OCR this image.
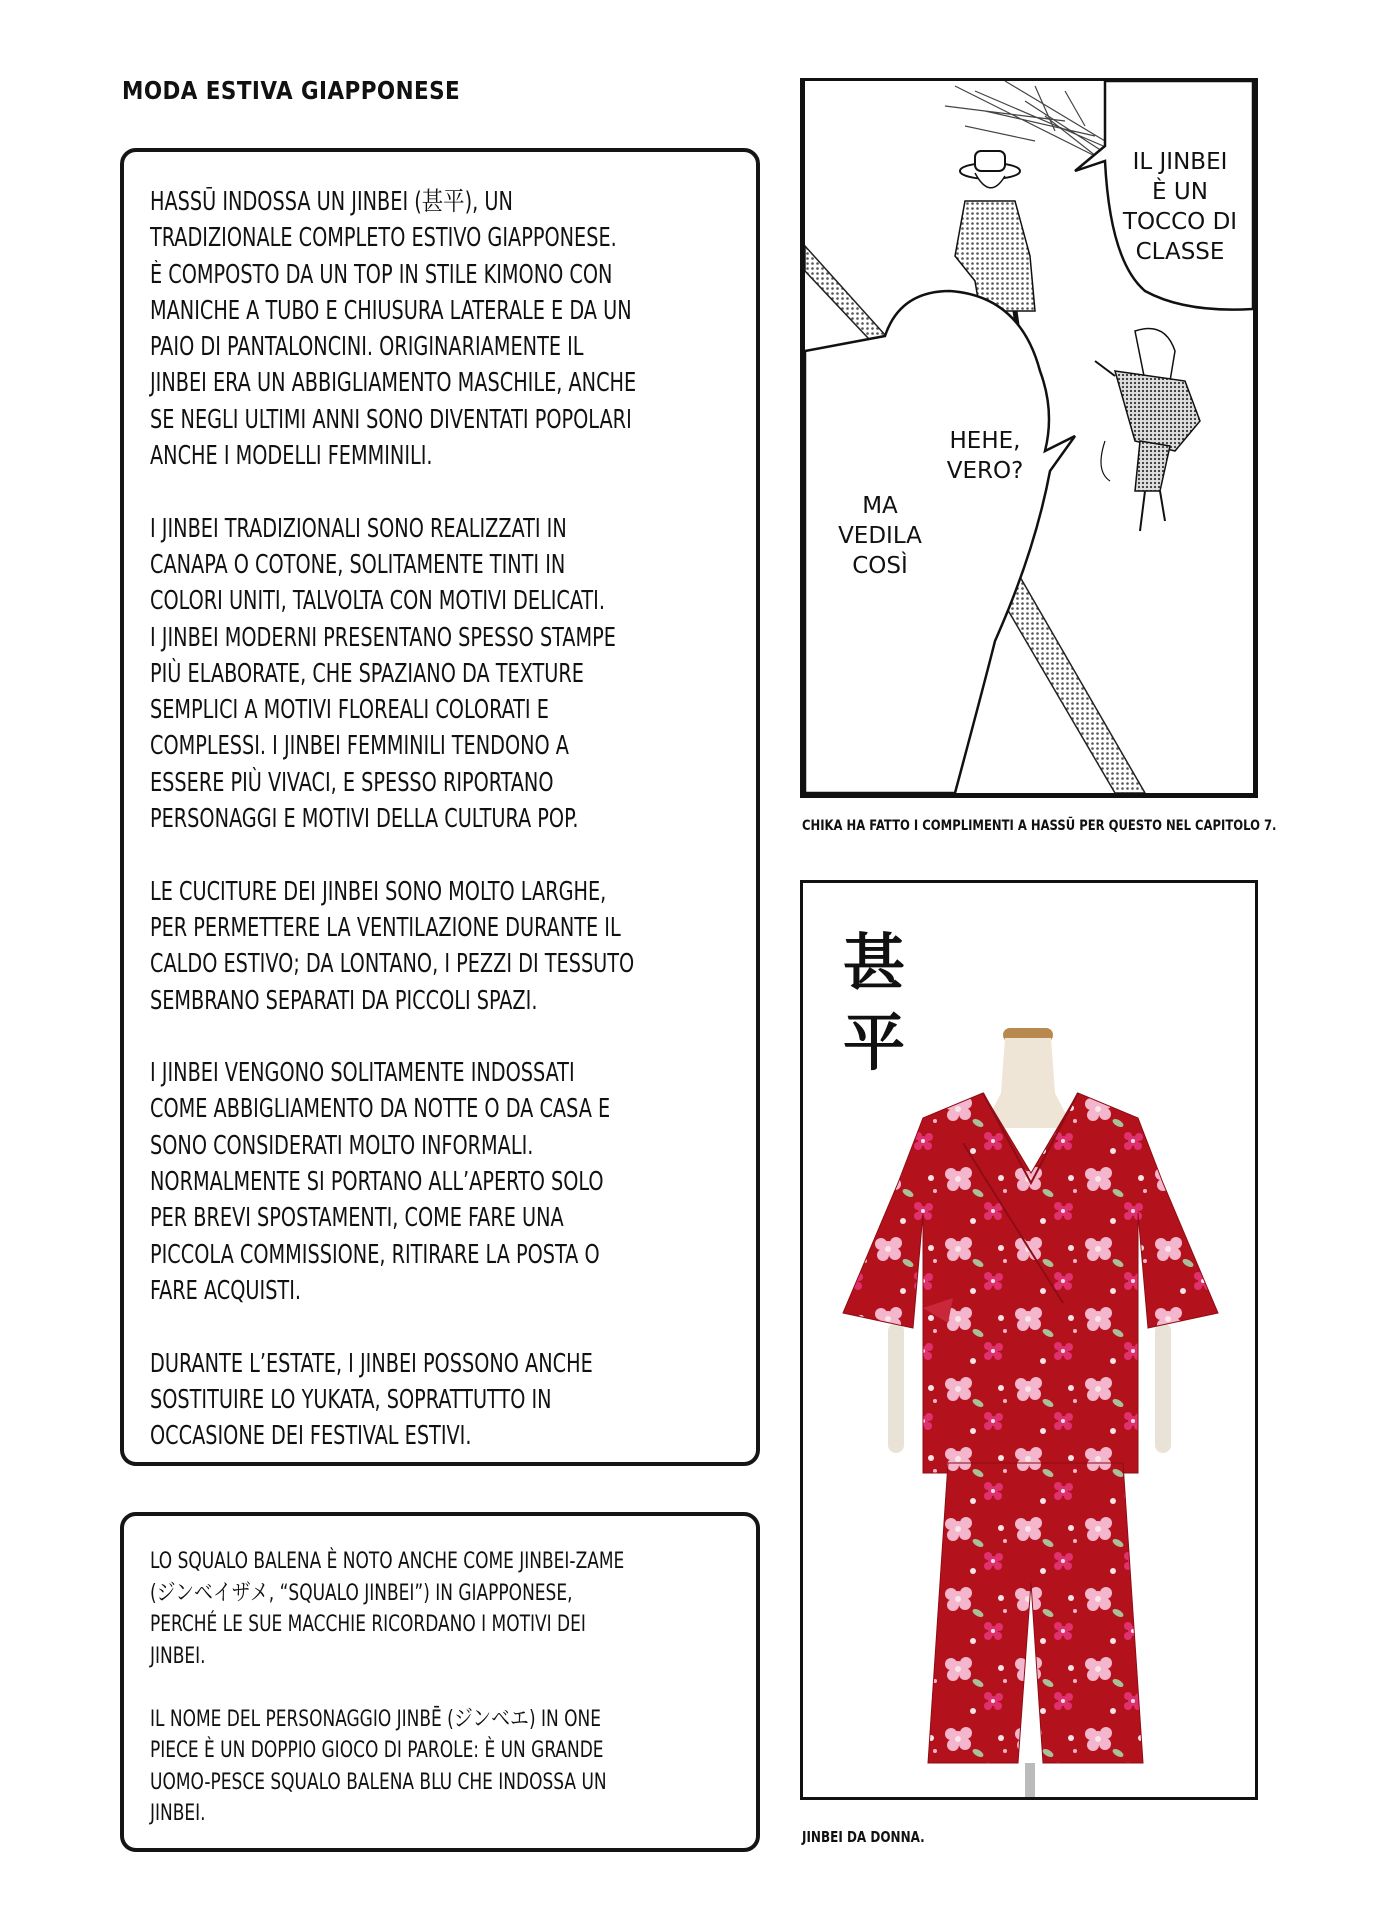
MODA ESTIVA GIAPPONESE
HASSŪ INDOSSA UN JINBEI (甚平), UN
TRADIZIONALE COMPLETO ESTIVO GIAPPONESE.
È COMPOSTO DA UN TOP IN STILE KIMONO CON
MANICHE A TUBO E CHIUSURA LATERALE E DA UN
PAIO DI PANTALONCINI. ORIGINARIAMENTE IL
JINBEI ERA UN ABBIGLIAMENTO MASCHILE, ANCHE
SE NEGLI ULTIMI ANNI SONO DIVENTATI POPOLARI
ANCHE I MODELLI FEMMINILI.
I JINBEI TRADIZIONALI SONO REALIZZATI IN
CANAPA O COTONE, SOLITAMENTE TINTI IN
COLORI UNITI, TALVOLTA CON MOTIVI DELICATI.
I JINBEI MODERNI PRESENTANO SPESSO STAMPE
PIÙ ELABORATE, CHE SPAZIANO DA TEXTURE
SEMPLICI A MOTIVI FLOREALI COLORATI E
COMPLESSI. I JINBEI FEMMINILI TENDONO A
ESSERE PIÙ VIVACI, E SPESSO RIPORTANO
PERSONAGGI E MOTIVI DELLA CULTURA POP.
LE CUCITURE DEI JINBEI SONO MOLTO LARGHE,
PER PERMETTERE LA VENTILAZIONE DURANTE IL
CALDO ESTIVO; DA LONTANO, I PEZZI DI TESSUTO
SEMBRANO SEPARATI DA PICCOLI SPAZI.
I JINBEI VENGONO SOLITAMENTE INDOSSATI
COME ABBIGLIAMENTO DA NOTTE O DA CASA E
SONO CONSIDERATI MOLTO INFORMALI.
NORMALMENTE SI PORTANO ALL’APERTO SOLO
PER BREVI SPOSTAMENTI, COME FARE UNA
PICCOLA COMMISSIONE, RITIRARE LA POSTA O
FARE ACQUISTI.
DURANTE L’ESTATE, I JINBEI POSSONO ANCHE
SOSTITUIRE LO YUKATA, SOPRATTUTTO IN
OCCASIONE DEI FESTIVAL ESTIVI.
LO SQUALO BALENA È NOTO ANCHE COME JINBEI-ZAME
(ジンベイザメ, “SQUALO JINBEI”) IN GIAPPONESE,
PERCHÉ LE SUE MACCHIE RICORDANO I MOTIVI DEI
JINBEI.
IL NOME DEL PERSONAGGIO JINBĒ (ジンベエ) IN ONE
PIECE È UN DOPPIO GIOCO DI PAROLE: È UN GRANDE
UOMO-PESCE SQUALO BALENA BLU CHE INDOSSA UN
JINBEI.
IL JINBEI
È UN
TOCCO DI
CLASSE
HEHE,
VERO?
MA
VEDILA
COSÌ
CHIKA HA FATTO I COMPLIMENTI A HASSŪ PER QUESTO NEL CAPITOLO 7.
甚
平
JINBEI DA DONNA.
